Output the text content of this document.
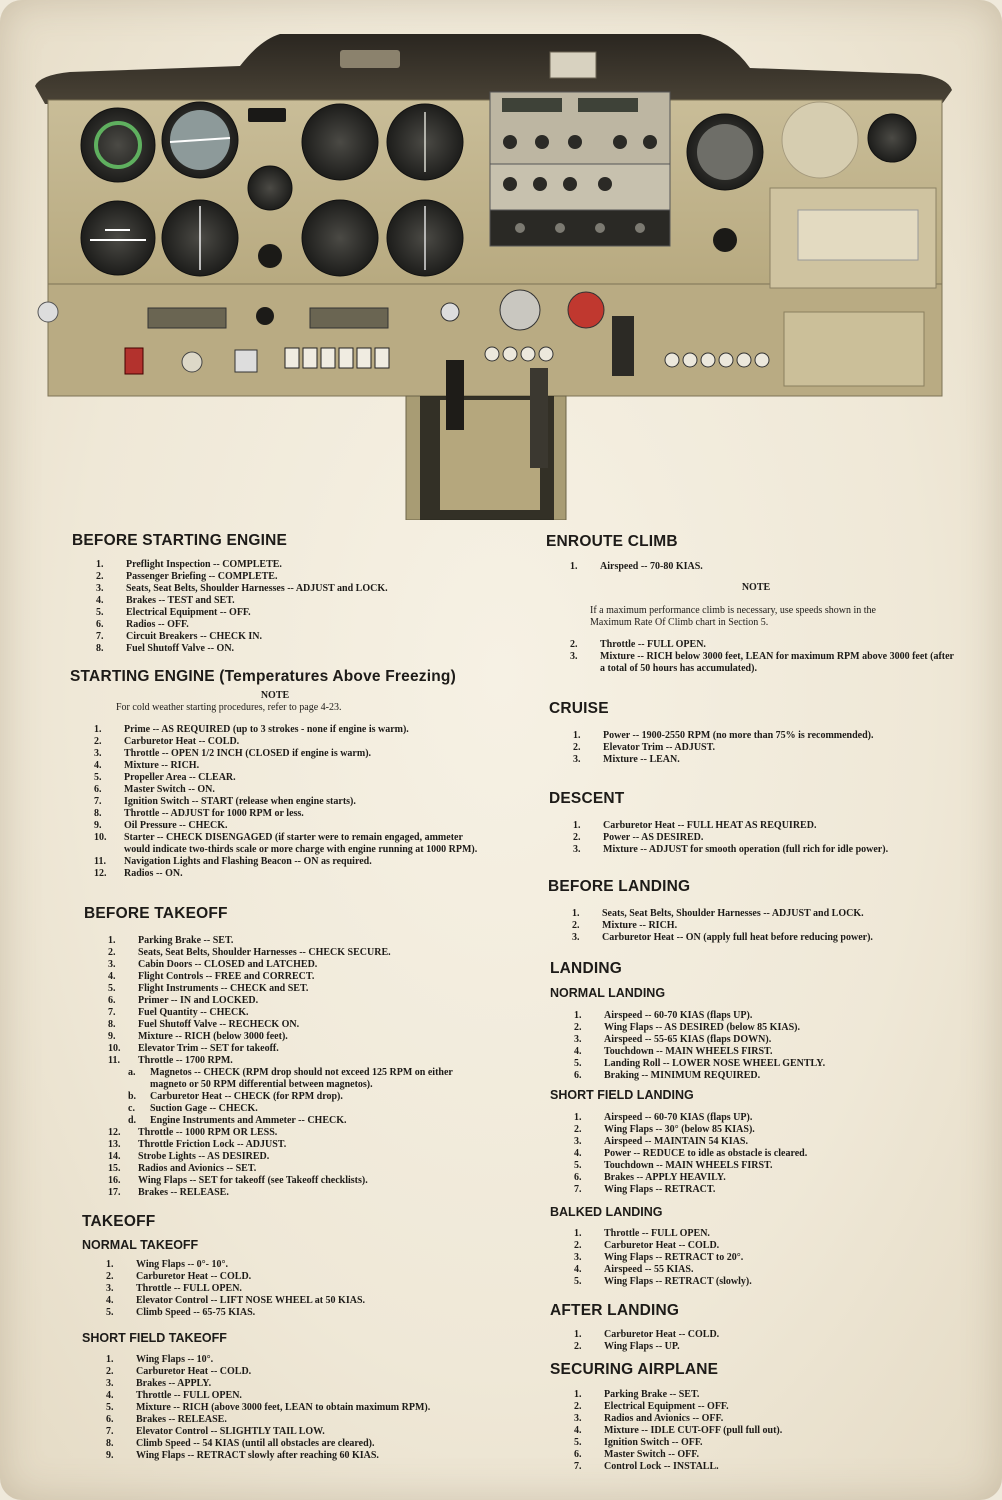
BEFORE STARTING ENGINE
1.	Preflight Inspection -- COMPLETE.
2.	Passenger Briefing -- COMPLETE.
3.	Seats, Seat Belts, Shoulder Harnesses -- ADJUST and LOCK.
4.	Brakes -- TEST and SET.
5.	Electrical Equipment -- OFF.
6.	Radios -- OFF.
7.	Circuit Breakers -- CHECK IN.
8.	Fuel Shutoff Valve -- ON.
STARTING ENGINE (Temperatures Above Freezing)

NOTE

For cold weather starting procedures, refer to page 4-23.

1.	Prime -- AS REQUIRED (up to 3 strokes - none if engine is warm).
2.	Carburetor Heat -- COLD.
3.	Throttle -- OPEN 1/2 INCH (CLOSED if engine is warm).
4.	Mixture -- RICH.
5.	Propeller Area -- CLEAR.
6.	Master Switch -- ON.
7.	Ignition Switch -- START (release when engine starts).
8.	Throttle -- ADJUST for 1000 RPM or less.
9.	Oil Pressure -- CHECK.
10.	Starter -- CHECK DISENGAGED (if starter were to remain engaged, ammeter would indicate two-thirds scale or more charge with engine running at 1000 RPM).
11.	Navigation Lights and Flashing Beacon -- ON as required.
12.	Radios -- ON.
BEFORE TAKEOFF
1.	Parking Brake -- SET.
2.	Seats, Seat Belts, Shoulder Harnesses -- CHECK SECURE.
3.	Cabin Doors -- CLOSED and LATCHED.
4.	Flight Controls -- FREE and CORRECT.
5.	Flight Instruments -- CHECK and SET.
6.	Primer -- IN and LOCKED.
7.	Fuel Quantity -- CHECK.
8.	Fuel Shutoff Valve -- RECHECK ON.
9.	Mixture -- RICH (below 3000 feet).
10.	Elevator Trim -- SET for takeoff.
11.	Throttle -- 1700 RPM.
a.	Magnetos -- CHECK (RPM drop should not exceed 125 RPM on either magneto or 50 RPM differential between magnetos).
b.	Carburetor Heat -- CHECK (for RPM drop).
c.	Suction Gage -- CHECK.
d.	Engine Instruments and Ammeter -- CHECK.
12.	Throttle -- 1000 RPM OR LESS.
13.	Throttle Friction Lock -- ADJUST.
14.	Strobe Lights -- AS DESIRED.
15.	Radios and Avionics -- SET.
16.	Wing Flaps -- SET for takeoff (see Takeoff checklists).
17.	Brakes -- RELEASE.
TAKEOFF
NORMAL TAKEOFF
1.	Wing Flaps -- 0°- 10°.
2.	Carburetor Heat -- COLD.
3.	Throttle -- FULL OPEN.
4.	Elevator Control -- LIFT NOSE WHEEL at 50 KIAS.
5.	Climb Speed -- 65-75 KIAS.
SHORT FIELD TAKEOFF
1.	Wing Flaps -- 10°.
2.	Carburetor Heat -- COLD.
3.	Brakes -- APPLY.
4.	Throttle -- FULL OPEN.
5.	Mixture -- RICH (above 3000 feet, LEAN to obtain maximum RPM).
6.	Brakes -- RELEASE.
7.	Elevator Control -- SLIGHTLY TAIL LOW.
8.	Climb Speed -- 54 KIAS (until all obstacles are cleared).
9.	Wing Flaps -- RETRACT slowly after reaching 60 KIAS.
ENROUTE CLIMB
1.	Airspeed -- 70-80 KIAS.

NOTE

If a maximum performance climb is necessary, use speeds shown in the Maximum Rate Of Climb chart in Section 5.

2.	Throttle -- FULL OPEN.
3.	Mixture -- RICH below 3000 feet, LEAN for maximum RPM above 3000 feet (after a total of 50 hours has accumulated).
CRUISE
1.	Power -- 1900-2550 RPM (no more than 75% is recommended).
2.	Elevator Trim -- ADJUST.
3.	Mixture -- LEAN.
DESCENT
1.	Carburetor Heat -- FULL HEAT AS REQUIRED.
2.	Power -- AS DESIRED.
3.	Mixture -- ADJUST for smooth operation (full rich for idle power).
BEFORE LANDING
1.	Seats, Seat Belts, Shoulder Harnesses -- ADJUST and LOCK.
2.	Mixture -- RICH.
3.	Carburetor Heat -- ON (apply full heat before reducing power).
LANDING
NORMAL LANDING
1.	Airspeed -- 60-70 KIAS (flaps UP).
2.	Wing Flaps -- AS DESIRED (below 85 KIAS).
3.	Airspeed -- 55-65 KIAS (flaps DOWN).
4.	Touchdown -- MAIN WHEELS FIRST.
5.	Landing Roll -- LOWER NOSE WHEEL GENTLY.
6.	Braking -- MINIMUM REQUIRED.
SHORT FIELD LANDING
1.	Airspeed -- 60-70 KIAS (flaps UP).
2.	Wing Flaps -- 30° (below 85 KIAS).
3.	Airspeed -- MAINTAIN 54 KIAS.
4.	Power -- REDUCE to idle as obstacle is cleared.
5.	Touchdown -- MAIN WHEELS FIRST.
6.	Brakes -- APPLY HEAVILY.
7.	Wing Flaps -- RETRACT.
BALKED LANDING
1.	Throttle -- FULL OPEN.
2.	Carburetor Heat -- COLD.
3.	Wing Flaps -- RETRACT to 20°.
4.	Airspeed -- 55 KIAS.
5.	Wing Flaps -- RETRACT (slowly).
AFTER LANDING
1.	Carburetor Heat -- COLD.
2.	Wing Flaps -- UP.
SECURING AIRPLANE
1.	Parking Brake -- SET.
2.	Electrical Equipment -- OFF.
3.	Radios and Avionics -- OFF.
4.	Mixture -- IDLE CUT-OFF (pull full out).
5.	Ignition Switch -- OFF.
6.	Master Switch -- OFF.
7.	Control Lock -- INSTALL.
